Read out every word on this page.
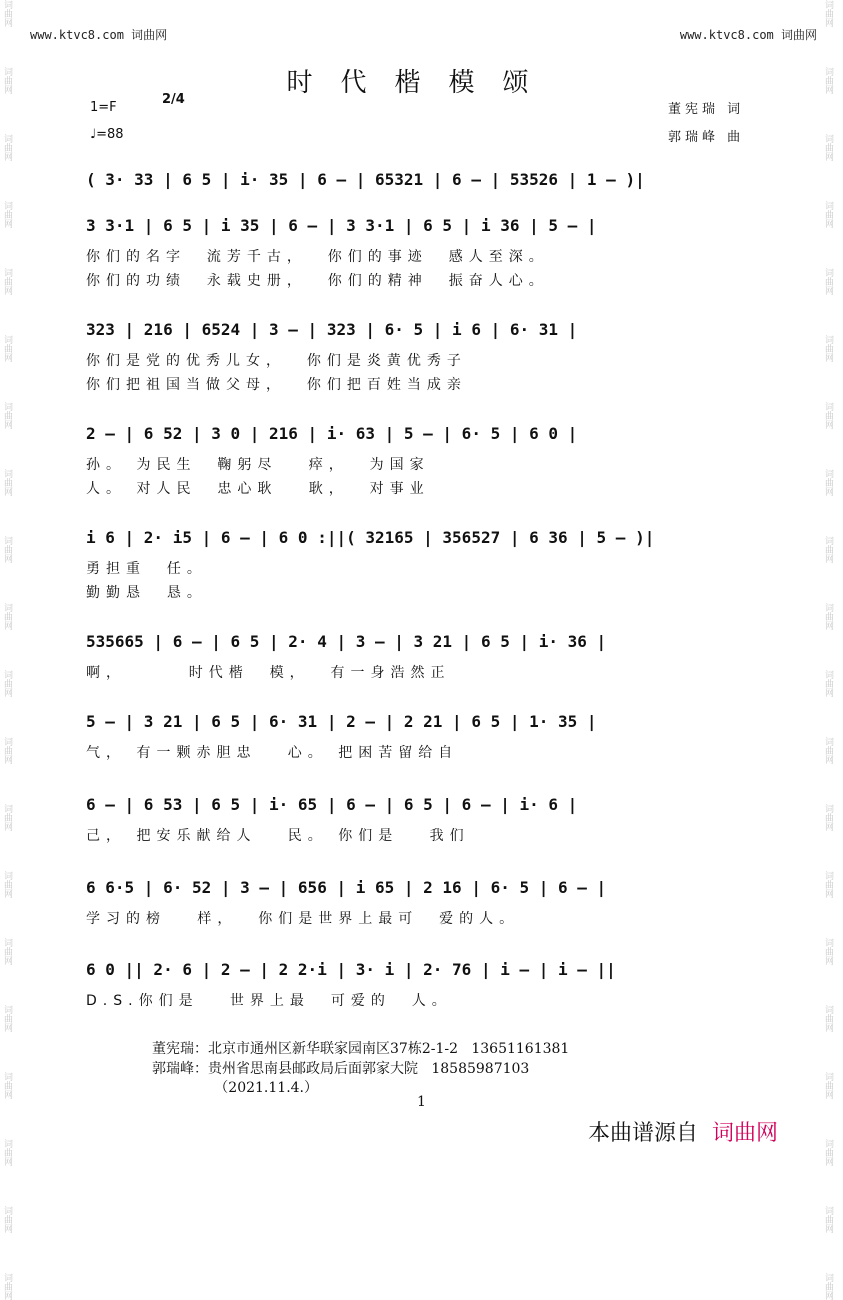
词曲网
词曲网
词曲网
词曲网
词曲网
词曲网
词曲网
词曲网
词曲网
词曲网
词曲网
词曲网
词曲网
词曲网
词曲网
词曲网
词曲网
词曲网
词曲网
词曲网
词曲网
词曲网
词曲网
词曲网
词曲网
词曲网
词曲网
词曲网
词曲网
词曲网
词曲网
词曲网
词曲网
词曲网
词曲网
词曲网
词曲网
词曲网
词曲网
词曲网
www.ktvc8.com 词曲网	www.ktvc8.com 词曲网
时代楷模颂
1=F
2/4
♩=88
董宪瑞 词
郭瑞峰 曲
( 3· 33 | 6 5 | i· 35 | 6 — | 65321 | 6 — | 53526 | 1 — )|
3 3·1 | 6 5 | i 35 | 6 — | 3 3·1 | 6 5 | i 36 | 5 — |
你们的名字  流芳千古，  你们的事迹  感人至深。
你们的功绩  永载史册，  你们的精神  振奋人心。
323 | 216 | 6524 | 3 — | 323 | 6· 5 | i 6 | 6· 31 |
你们是党的优秀儿女，  你们是炎黄优秀子
你们把祖国当做父母，  你们把百姓当成亲
2 — | 6 52 | 3 0 | 216 | i· 63 | 5 — | 6· 5 | 6 0 |
孙。 为民生  鞠躬尽   瘁，  为国家
人。 对人民  忠心耿   耿，  对事业
i 6 | 2· i5 | 6 — | 6 0 :||( 32165 | 356527 | 6 36 | 5 — )|
勇担重  任。
勤勤恳  恳。
535665 | 6 — | 6 5 | 2· 4 | 3 — | 3 21 | 6 5 | i· 36 |
啊，      时代楷  模，  有一身浩然正
5 — | 3 21 | 6 5 | 6· 31 | 2 — | 2 21 | 6 5 | 1· 35 |
气， 有一颗赤胆忠   心。 把困苦留给自
6 — | 6 53 | 6 5 | i· 65 | 6 — | 6 5 | 6 — | i· 6 |
己， 把安乐献给人   民。 你们是   我们
6 6·5 | 6· 52 | 3 — | 656 | i 65 | 2 16 | 6· 5 | 6 — |
学习的榜   样，  你们是世界上最可  爱的人。
6 0 || 2· 6 | 2 — | 2 2·i | 3· i | 2· 76 | i — | i — ||
D.S.你们是   世界上最  可爱的  人。
董宪瑞：北京市通州区新华联家园南区37栋2-1-2   13651161381
郭瑞峰：贵州省思南县邮政局后面郭家大院   18585987103
（2021.11.4.）
1
本曲谱源自 词曲网
